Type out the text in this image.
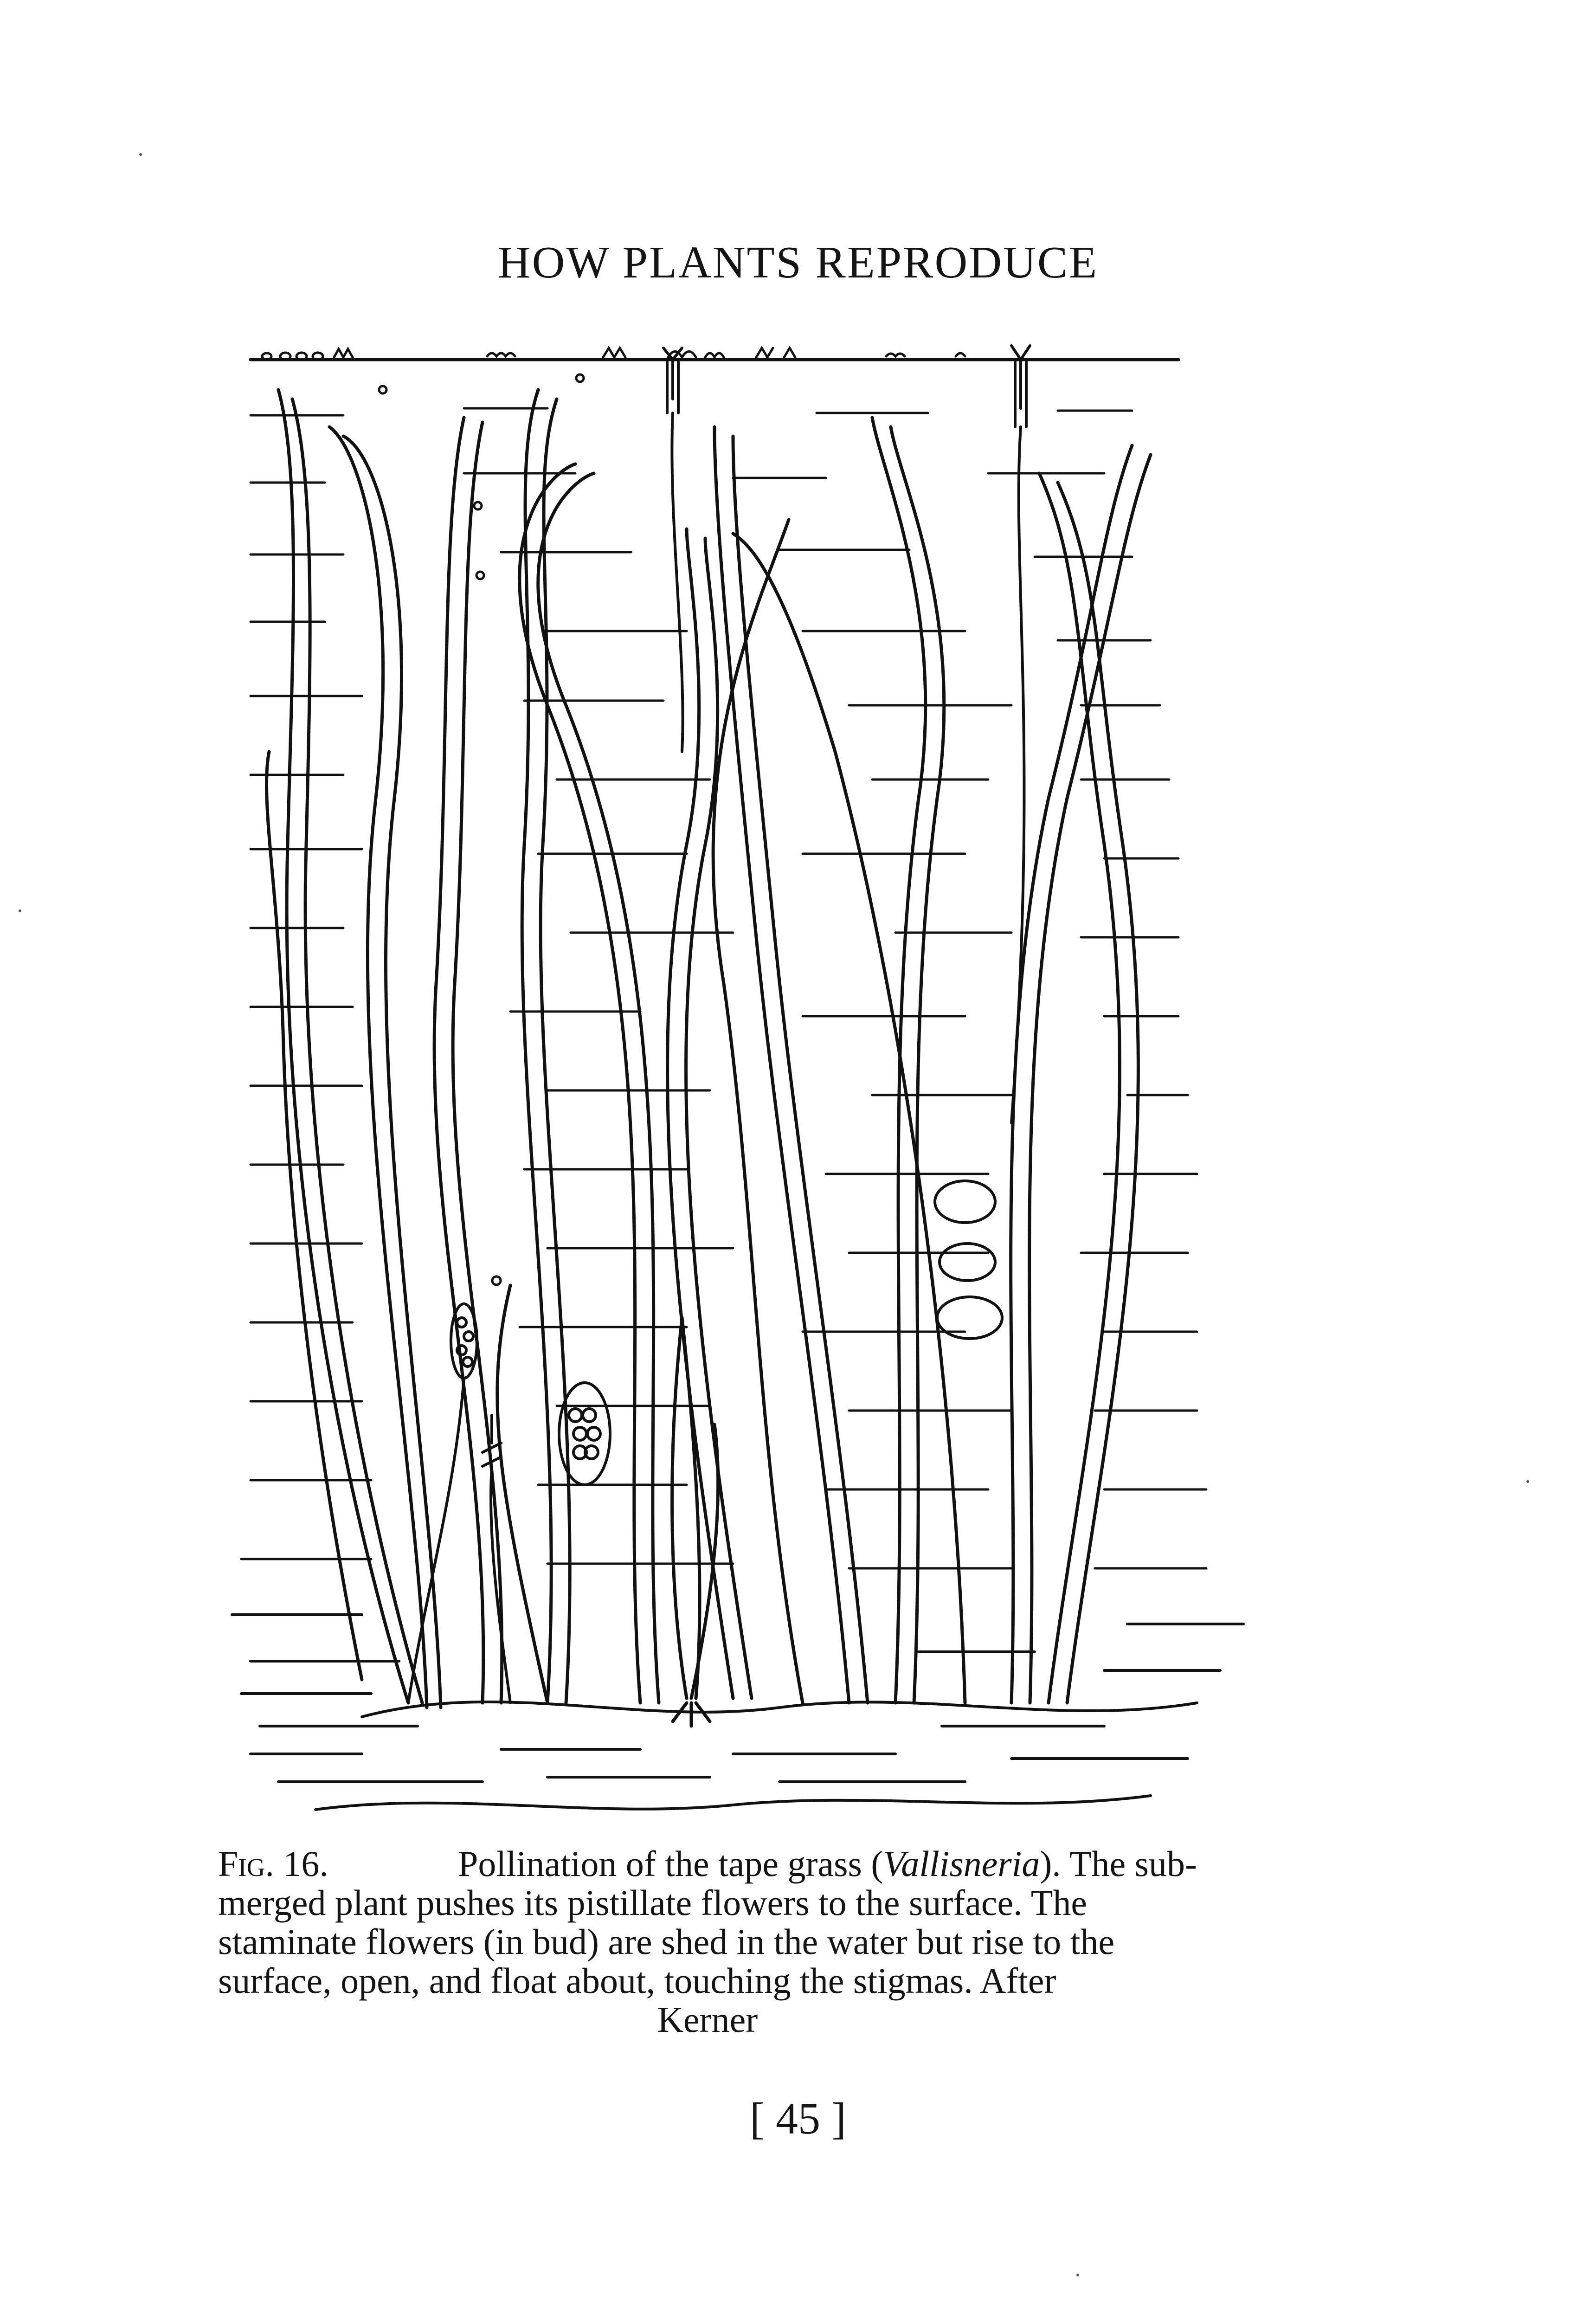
HOW PLANTS REPRODUCE
Fig. 16.	Pollination of the tape grass (Vallisneria). The sub-
merged plant pushes its pistillate flowers to the surface. The
staminate flowers (in bud) are shed in the water but rise to the
surface, open, and float about, touching the stigmas. After
Kerner
[ 45 ]
